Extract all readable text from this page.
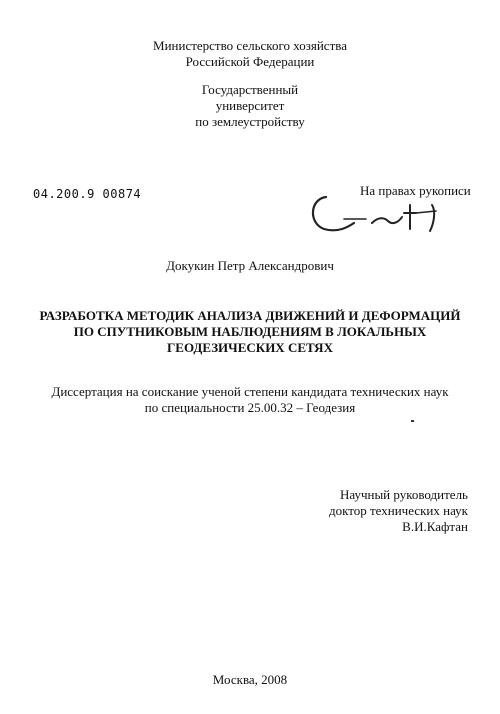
Министерство сельского хозяйства
Российской Федерации
Государственный
университет
по землеустройству
04.200.9 00874	На правах рукописи
Докукин Петр Александрович
РАЗРАБОТКА МЕТОДИК АНАЛИЗА ДВИЖЕНИЙ И ДЕФОРМАЦИЙ
ПО СПУТНИКОВЫМ НАБЛЮДЕНИЯМ В ЛОКАЛЬНЫХ
ГЕОДЕЗИЧЕСКИХ СЕТЯХ
Диссертация на соискание ученой степени кандидата технических наук
по специальности 25.00.32 – Геодезия
Научный руководитель
доктор технических наук
В.И.Кафтан
Москва, 2008
